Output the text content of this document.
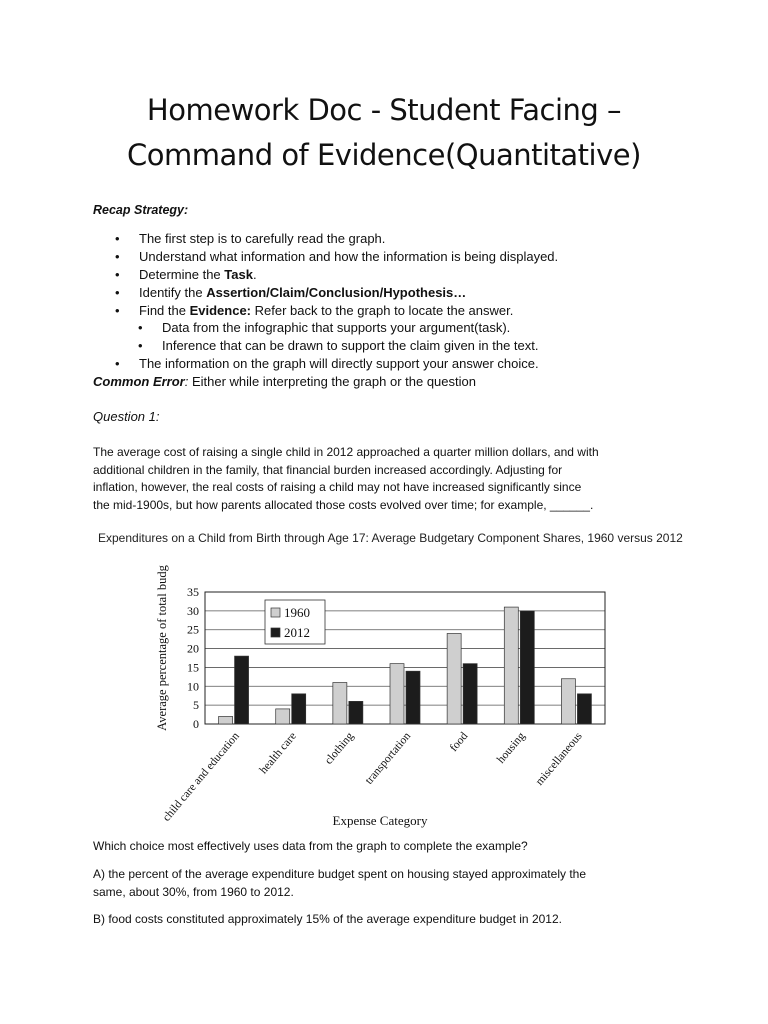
Homework Doc - Student Facing –
Command of Evidence(Quantitative)
Recap Strategy:
• The first step is to carefully read the graph.
• Understand what information and how the information is being displayed.
• Determine the Task.
• Identify the Assertion/Claim/Conclusion/Hypothesis…
• Find the Evidence: Refer back to the graph to locate the answer.
• Data from the infographic that supports your argument(task).
• Inference that can be drawn to support the claim given in the text.
• The information on the graph will directly support your answer choice.
Common Error: Either while interpreting the graph or the question
Question 1:
The average cost of raising a single child in 2012 approached a quarter million dollars, and with
additional children in the family, that financial burden increased accordingly. Adjusting for
inflation, however, the real costs of raising a child may not have increased significantly since
the mid-1900s, but how parents allocated those costs evolved over time; for example, ______.
Expenditures on a Child from Birth through Age 17: Average Budgetary Component Shares, 1960 versus 2012
0
5
10
15
20
25
30
35
child care and education health care clothing transportation	food housing miscellaneous
1960
2012
Average percentage of total budg
Expense Category
Which choice most effectively uses data from the graph to complete the example?
A) the percent of the average expenditure budget spent on housing stayed approximately the
same, about 30%, from 1960 to 2012.
B) food costs constituted approximately 15% of the average expenditure budget in 2012.
